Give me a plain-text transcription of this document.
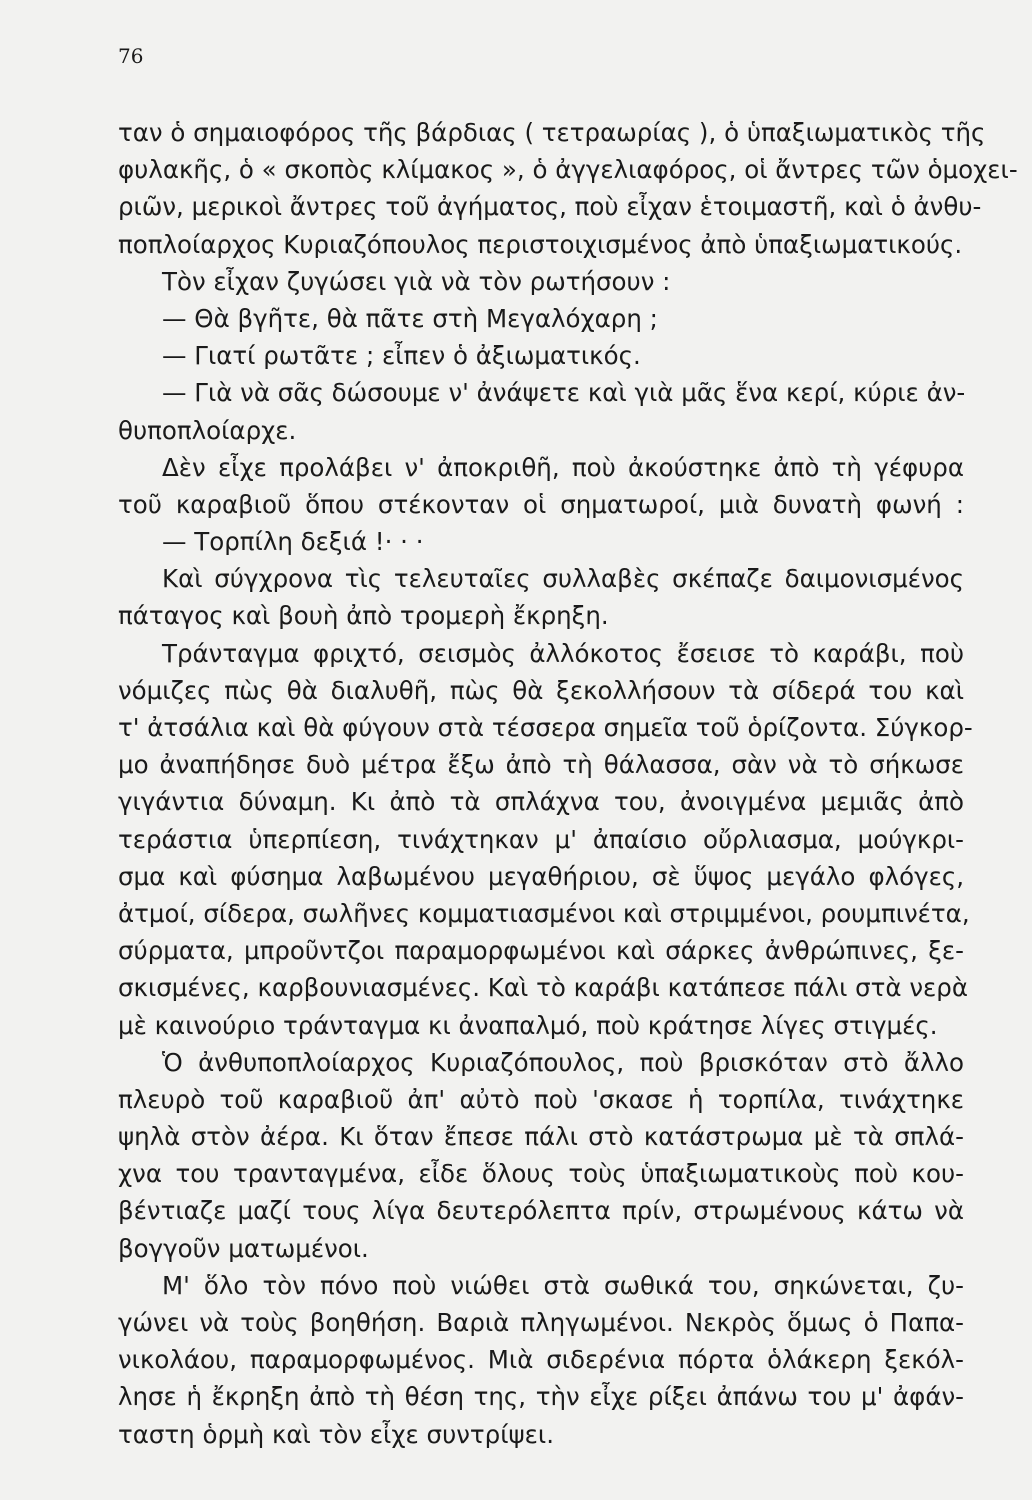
76

ταν ὁ σημαιοφόρος τῆς βάρδιας ( τετραωρίας ), ὁ ὑπαξιωματικὸς τῆς
φυλακῆς, ὁ « σκοπὸς κλίμακος », ὁ ἀγγελιαφόρος, οἱ ἄντρες τῶν ὁμοχει-
ριῶν, μερικοὶ ἄντρες τοῦ ἀγήματος, ποὺ εἶχαν ἑτοιμαστῆ, καὶ ὁ ἀνθυ-
ποπλοίαρχος Κυριαζόπουλος περιστοιχισμένος ἀπὸ ὑπαξιωματικούς.
Τὸν εἶχαν ζυγώσει γιὰ νὰ τὸν ρωτήσουν :
— Θὰ βγῆτε, θὰ πᾶτε στὴ Μεγαλόχαρη ;
— Γιατί ρωτᾶτε ; εἶπεν ὁ ἀξιωματικός.
— Γιὰ νὰ σᾶς δώσουμε ν' ἀνάψετε καὶ γιὰ μᾶς ἕνα κερί, κύριε ἀν-
θυποπλοίαρχε.
Δὲν εἶχε προλάβει ν' ἀποκριθῆ, ποὺ ἀκούστηκε ἀπὸ τὴ γέφυρα
τοῦ καραβιοῦ ὅπου στέκονταν οἱ σηματωροί, μιὰ δυνατὴ φωνή :
— Τορπίλη δεξιά !· · ·
Καὶ σύγχρονα τὶς τελευταῖες συλλαβὲς σκέπαζε δαιμονισμένος
πάταγος καὶ βουὴ ἀπὸ τρομερὴ ἔκρηξη.
Τράνταγμα φριχτό, σεισμὸς ἀλλόκοτος ἔσεισε τὸ καράβι, ποὺ
νόμιζες πὼς θὰ διαλυθῆ, πὼς θὰ ξεκολλήσουν τὰ σίδερά του καὶ
τ' ἀτσάλια καὶ θὰ φύγουν στὰ τέσσερα σημεῖα τοῦ ὁρίζοντα. Σύγκορ-
μο ἀναπήδησε δυὸ μέτρα ἔξω ἀπὸ τὴ θάλασσα, σὰν νὰ τὸ σήκωσε
γιγάντια δύναμη. Κι ἀπὸ τὰ σπλάχνα του, ἀνοιγμένα μεμιᾶς ἀπὸ
τεράστια ὑπερπίεση, τινάχτηκαν μ' ἀπαίσιο οὔρλιασμα, μούγκρι-
σμα καὶ φύσημα λαβωμένου μεγαθήριου, σὲ ὕψος μεγάλο φλόγες,
ἀτμοί, σίδερα, σωλῆνες κομματιασμένοι καὶ στριμμένοι, ρουμπινέτα,
σύρματα, μπροῦντζοι παραμορφωμένοι καὶ σάρκες ἀνθρώπινες, ξε-
σκισμένες, καρβουνιασμένες. Καὶ τὸ καράβι κατάπεσε πάλι στὰ νερὰ
μὲ καινούριο τράνταγμα κι ἀναπαλμό, ποὺ κράτησε λίγες στιγμές.
Ὁ ἀνθυποπλοίαρχος Κυριαζόπουλος, ποὺ βρισκόταν στὸ ἄλλο
πλευρὸ τοῦ καραβιοῦ ἀπ' αὐτὸ ποὺ 'σκασε ἡ τορπίλα, τινάχτηκε
ψηλὰ στὸν ἀέρα. Κι ὅταν ἔπεσε πάλι στὸ κατάστρωμα μὲ τὰ σπλά-
χνα του τρανταγμένα, εἶδε ὅλους τοὺς ὑπαξιωματικοὺς ποὺ κου-
βέντιαζε μαζί τους λίγα δευτερόλεπτα πρίν, στρωμένους κάτω νὰ
βογγοῦν ματωμένοι.
Μ' ὅλο τὸν πόνο ποὺ νιώθει στὰ σωθικά του, σηκώνεται, ζυ-
γώνει νὰ τοὺς βοηθήση. Βαριὰ πληγωμένοι. Νεκρὸς ὅμως ὁ Παπα-
νικολάου, παραμορφωμένος. Μιὰ σιδερένια πόρτα ὁλάκερη ξεκόλ-
λησε ἡ ἔκρηξη ἀπὸ τὴ θέση της, τὴν εἶχε ρίξει ἀπάνω του μ' ἀφάν-
ταστη ὁρμὴ καὶ τὸν εἶχε συντρίψει.
